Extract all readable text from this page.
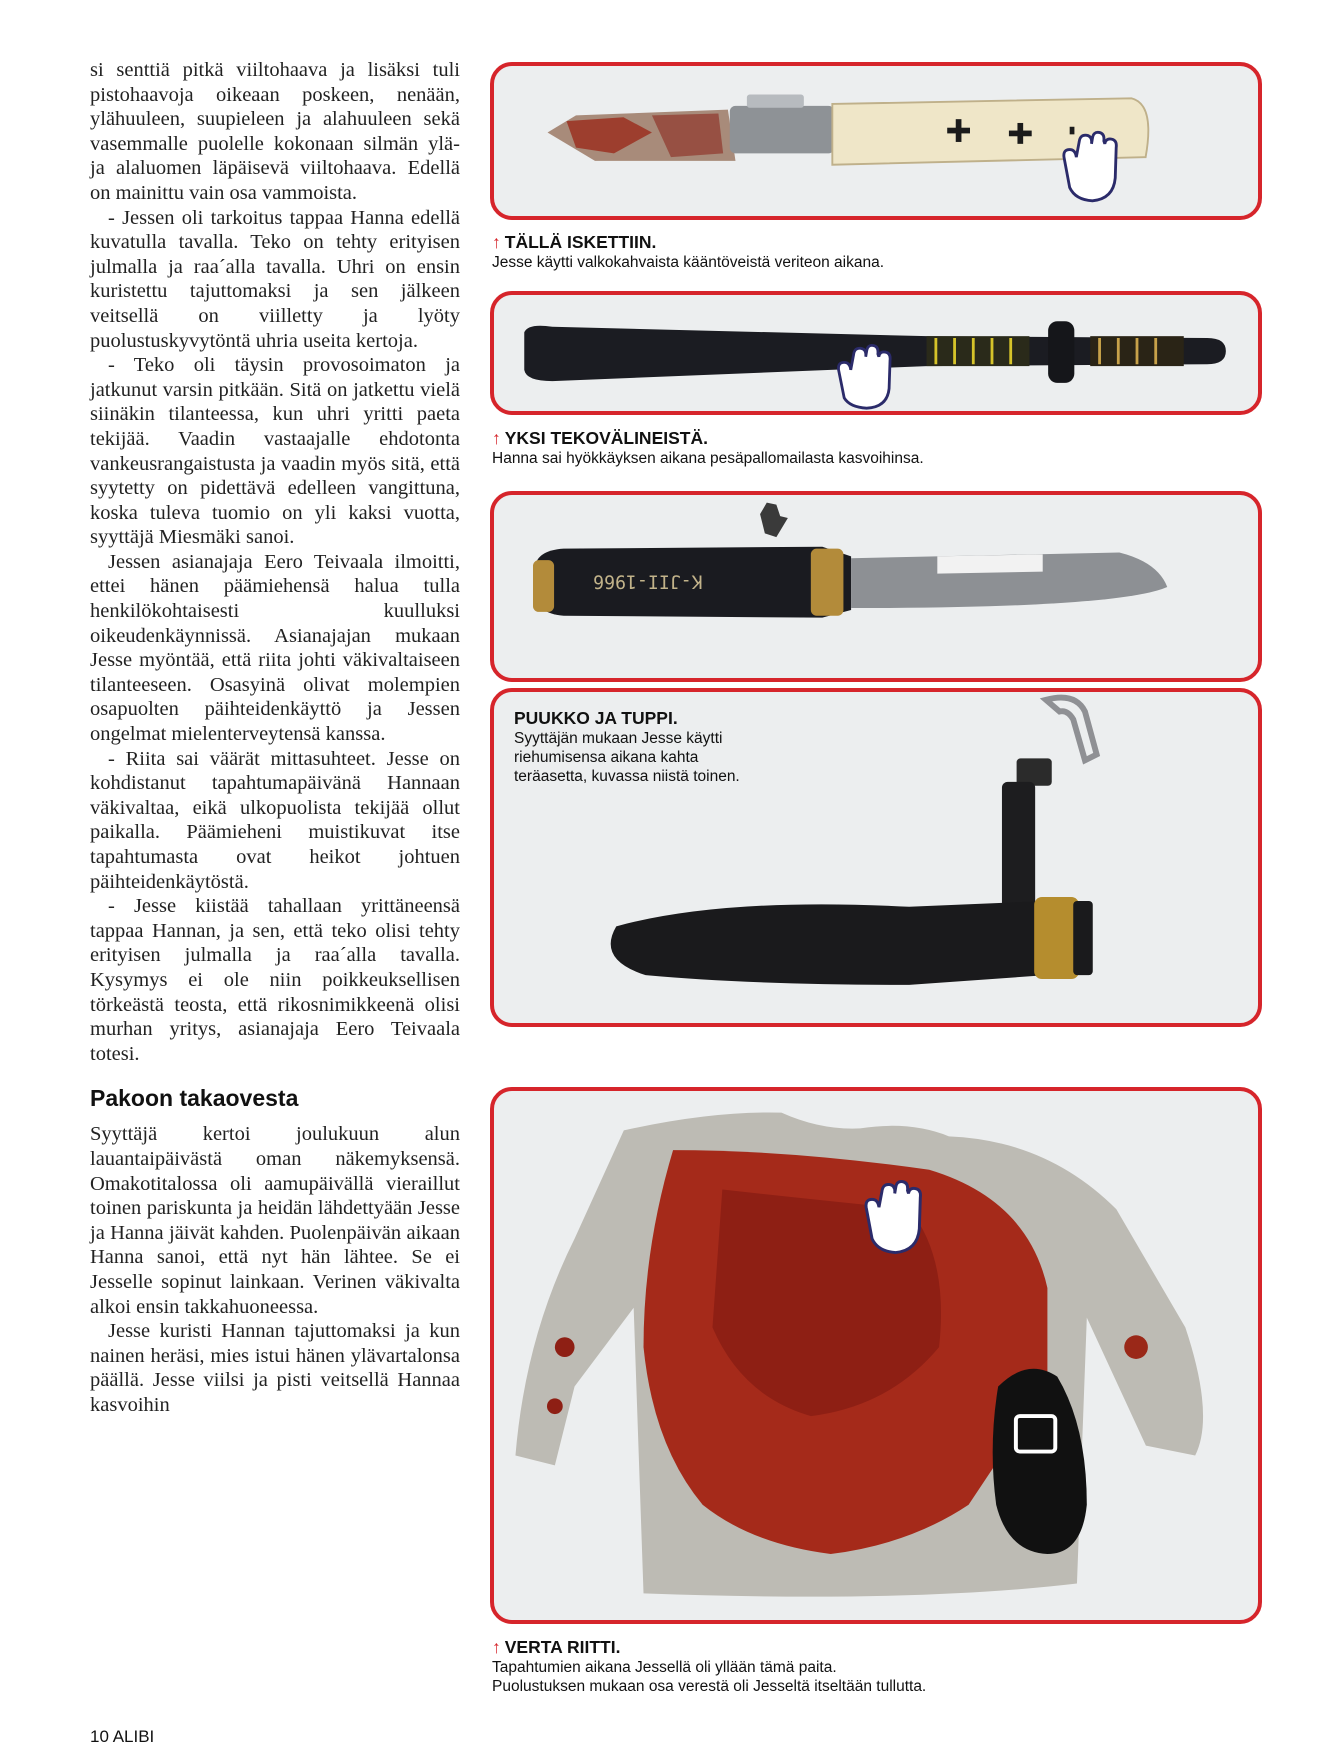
si senttiä pitkä viiltohaava ja lisäksi tuli pistohaavoja oikeaan poskeen, nenään, ylähuuleen, suupieleen ja alahuuleen sekä vasemmalle puolelle kokonaan silmän ylä- ja alaluomen läpäisevä viiltohaava. Edellä on mainittu vain osa vammoista.

- Jessen oli tarkoitus tappaa Hanna edellä kuvatulla tavalla. Teko on tehty erityisen julmalla ja raa´alla tavalla. Uhri on ensin kuristettu tajuttomaksi ja sen jälkeen veitsellä on viilletty ja lyöty puolustuskyvytöntä uhria useita kertoja.

- Teko oli täysin provosoimaton ja jatkunut varsin pitkään. Sitä on jatkettu vielä siinäkin tilanteessa, kun uhri yritti paeta tekijää. Vaadin vastaajalle ehdotonta vankeusrangaistusta ja vaadin myös sitä, että syytetty on pidettävä edelleen vangittuna, koska tuleva tuomio on yli kaksi vuotta, syyttäjä Miesmäki sanoi.

Jessen asianajaja Eero Teivaala ilmoitti, ettei hänen päämiehensä halua tulla henkilökohtaisesti kuulluksi oikeudenkäynnissä. Asianajajan mukaan Jesse myöntää, että riita johti väkivaltaiseen tilanteeseen. Osasyinä olivat molempien osapuolten päihteidenkäyttö ja Jessen ongelmat mielenterveytensä kanssa.

- Riita sai väärät mittasuhteet. Jesse on kohdistanut tapahtumapäivänä Hannaan väkivaltaa, eikä ulkopuolista tekijää ollut paikalla. Päämieheni muistikuvat itse tapahtumasta ovat heikot johtuen päihteidenkäytöstä.

- Jesse kiistää tahallaan yrittäneensä tappaa Hannan, ja sen, että teko olisi tehty erityisen julmalla ja raa´alla tavalla. Kysymys ei ole niin poikkeuksellisen törkeästä teosta, että rikosnimikkeenä olisi murhan yritys, asianajaja Eero Teivaala totesi.

Pakoon takaovesta

Syyttäjä kertoi joulukuun alun lauantaipäivästä oman näkemyksensä. Omakotitalossa oli aamupäivällä vieraillut toinen pariskunta ja heidän lähdettyään Jesse ja Hanna jäivät kahden. Puolenpäivän aikaan Hanna sanoi, että nyt hän lähtee. Se ei Jesselle sopinut lainkaan. Verinen väkivalta alkoi ensin takkahuoneessa.

Jesse kuristi Hannan tajuttomaksi ja kun nainen heräsi, mies istui hänen ylävartalonsa päällä. Jesse viilsi ja pisti veitsellä Hannaa kasvoihin

10 ALIBI
↑ TÄLLÄ ISKETTIIN.
Jesse käytti valkokahvaista kääntöveistä veriteon aikana.
↑ YKSI TEKOVÄLINEISTÄ.
Hanna sai hyökkäyksen aikana pesäpallomailasta kasvoihinsa.
K-JII-1966
PUUKKO JA TUPPI.
Syyttäjän mukaan Jesse käytti
riehumisensa aikana kahta
teräasetta, kuvassa niistä toinen.
↑ VERTA RIITTI.
Tapahtumien aikana Jessellä oli yllään tämä paita.
Puolustuksen mukaan osa verestä oli Jesseltä itseltään tullutta.
